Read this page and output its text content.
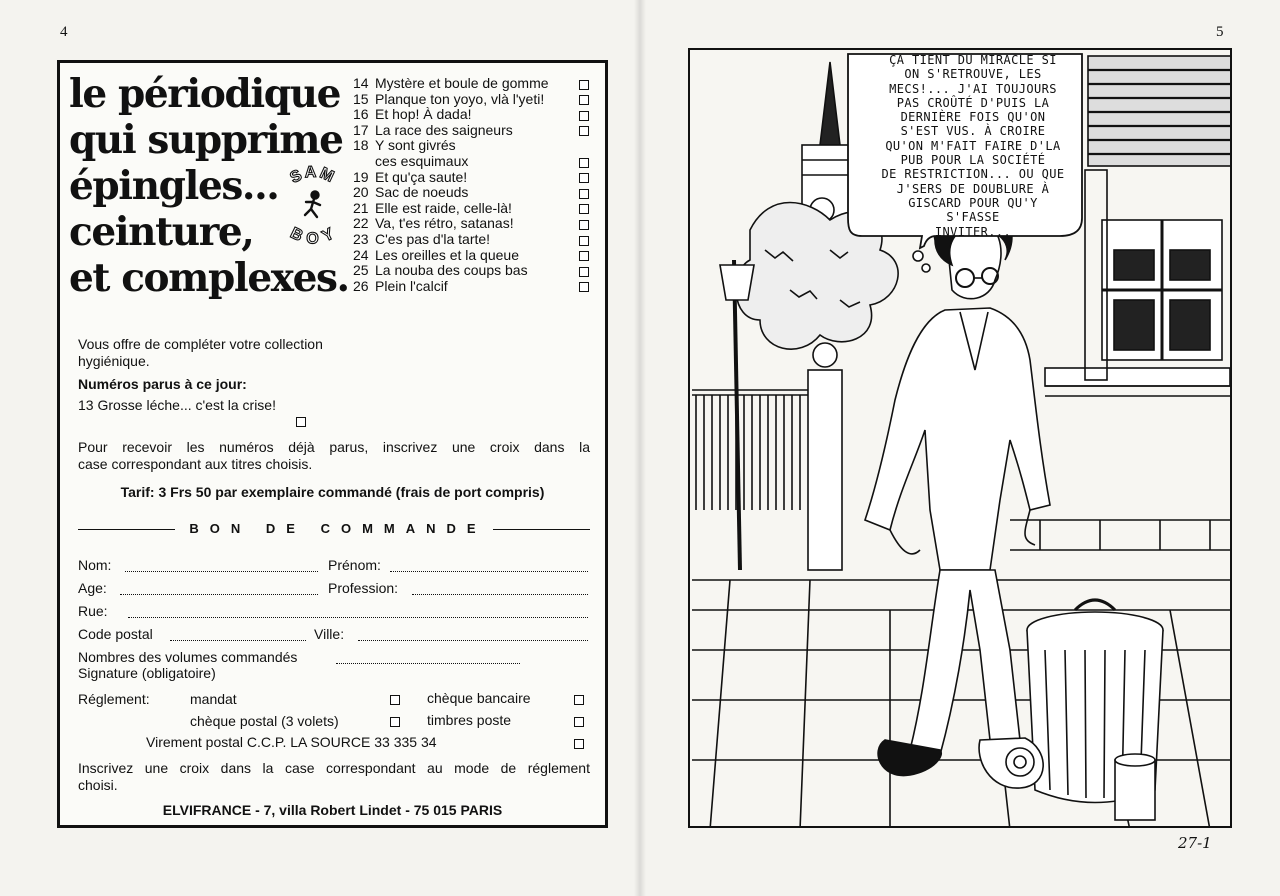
4
le périodique
qui supprime
épingles...
ceinture,
et complexes.
SAM
BOY
14 Mystère et boule de gomme
15 Planque ton yoyo, vlà l'yeti!
16 Et hop! À dada!
17 La race des saigneurs
18 Y sont givrés ces esquimaux
19 Et qu'ça saute!
20 Sac de noeuds
21 Elle est raide, celle-là!
22 Va, t'es rétro, satanas!
23 C'es pas d'la tarte!
24 Les oreilles et la queue
25 La nouba des coups bas
26 Plein l'calcif
Vous offre de compléter votre collection hygiénique.
Numéros parus à ce jour:
13 Grosse léche... c'est la crise!
Pour recevoir les numéros déjà parus, inscrivez une croix dans la
case correspondant aux titres choisis.
Tarif: 3 Frs 50 par exemplaire commandé (frais de port compris)
BON DE COMMANDE
Nom:	Prénom:
Age:	Profession:
Rue:
Code postal	Ville:
Nombres des volumes commandés
Signature (obligatoire)
Réglement:	mandat	chèque bancaire
chèque postal (3 volets)	timbres poste
Virement postal C.C.P. LA SOURCE 33 335 34
Inscrivez une croix dans la case correspondant au mode de réglement
choisi.
ELVIFRANCE - 7, villa Robert Lindet - 75 015 PARIS
5
ÇA TIENT DU MIRACLE SI
ON S'RETROUVE, LES
MECS!... J'AI TOUJOURS
PAS CROÛTÉ D'PUIS LA
DERNIÈRE FOIS QU'ON
S'EST VUS. À CROIRE
QU'ON M'FAIT FAIRE D'LA
PUB POUR LA SOCIÉTÉ
DE RESTRICTION... OU QUE
J'SERS DE DOUBLURE À
GISCARD POUR QU'Y
S'FASSE
INVITER...
27-1
